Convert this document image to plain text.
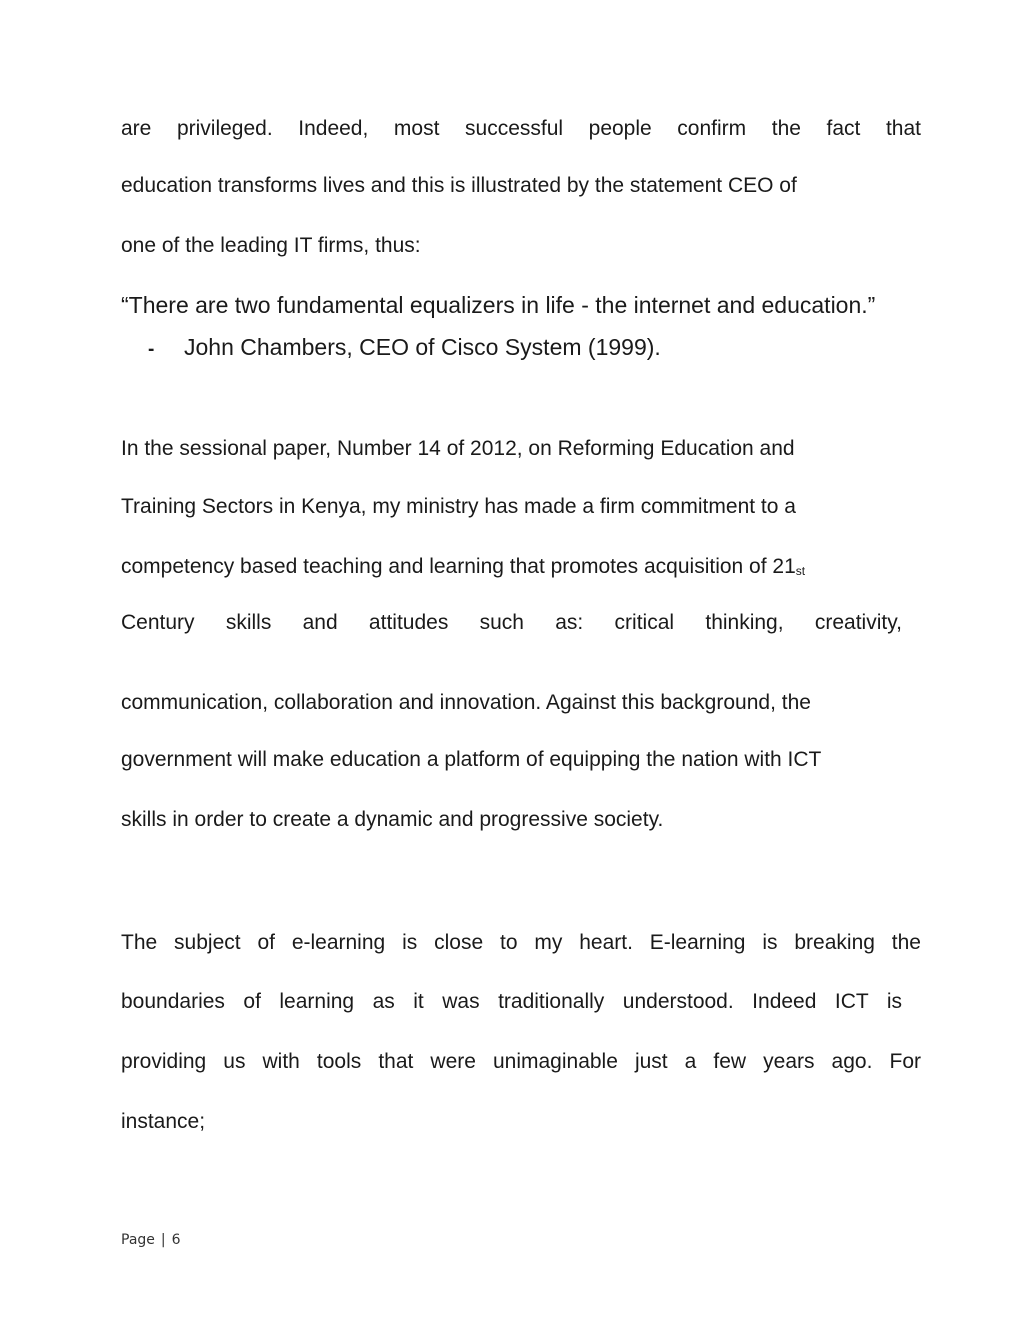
are privileged. Indeed, most successful people confirm the fact that
education transforms lives and this is illustrated by the statement CEO of
one of the leading IT firms, thus:
“There are two fundamental equalizers in life - the internet and education.”
- John Chambers, CEO of Cisco System (1999).
In the sessional paper, Number 14 of 2012, on Reforming Education and
Training Sectors in Kenya, my ministry has made a firm commitment to a
competency based teaching and learning that promotes acquisition of 21st
Century skills and attitudes such as: critical thinking, creativity,
communication, collaboration and innovation. Against this background, the
government will make education a platform of equipping the nation with ICT
skills in order to create a dynamic and progressive society.
The subject of e-learning is close to my heart. E-learning is breaking the
boundaries of learning as it was traditionally understood. Indeed ICT is
providing us with tools that were unimaginable just a few years ago. For
instance;
Page | 6
